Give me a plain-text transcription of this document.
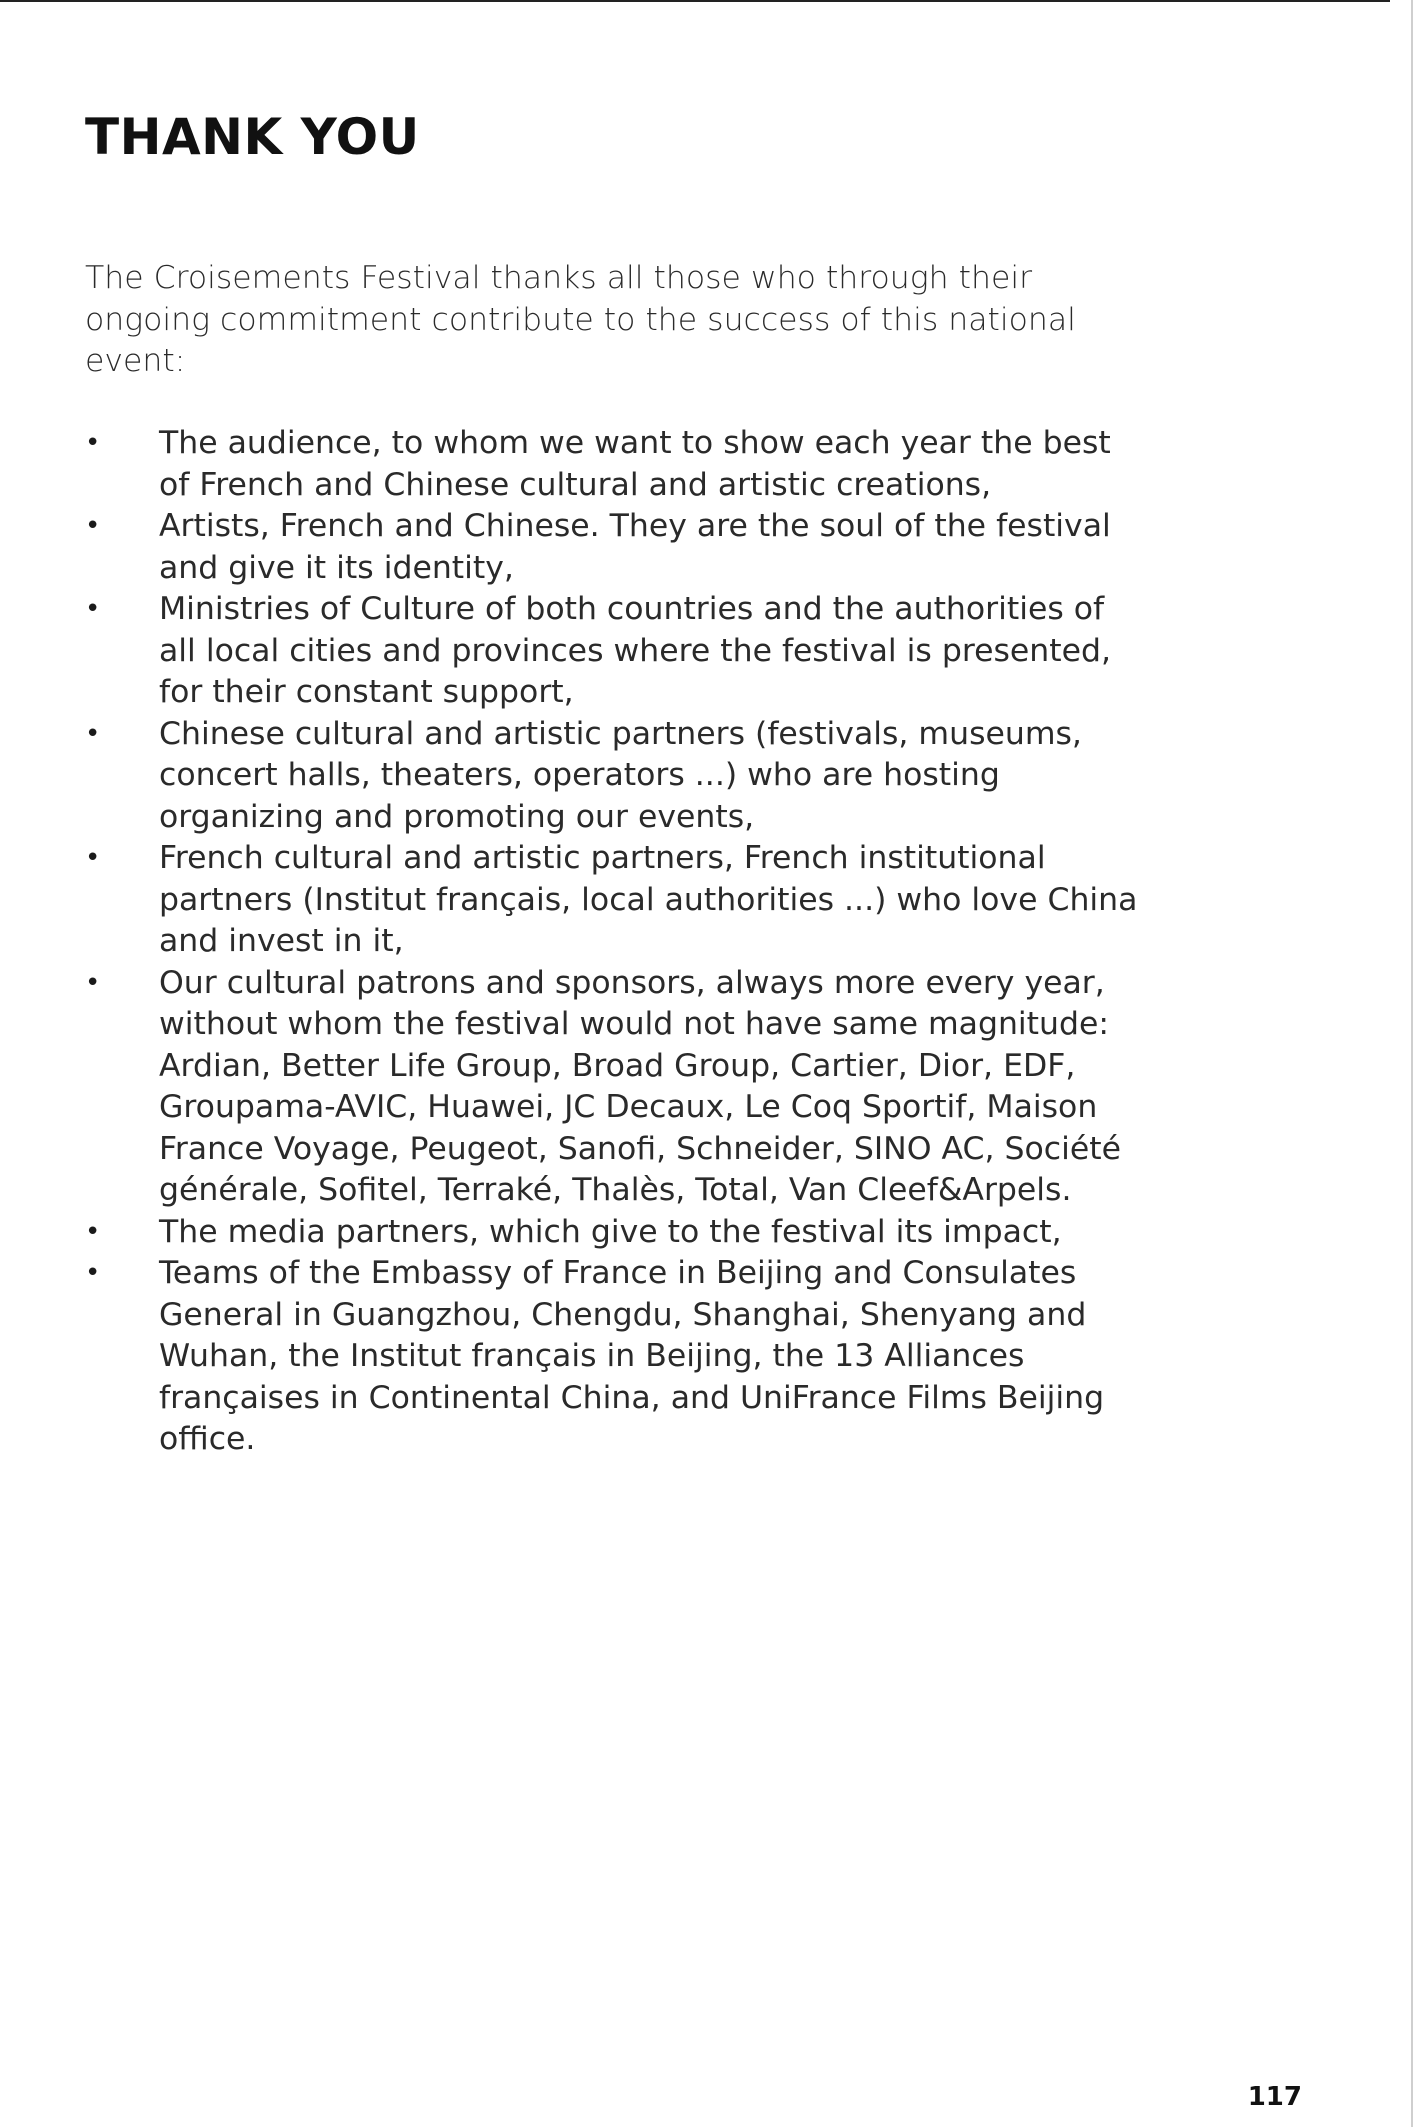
THANK YOU

The Croisements Festival thanks all those who through their ongoing commitment contribute to the success of this national event:

•	The audience, to whom we want to show each year the best of French and Chinese cultural and artistic creations,
•	Artists, French and Chinese. They are the soul of the festival and give it its identity,
•	Ministries of Culture of both countries and the authorities of all local cities and provinces where the festival is presented, for their constant support,
•	Chinese cultural and artistic partners (festivals, museums, concert halls, theaters, operators ...) who are hosting organizing and promoting our events,
•	French cultural and artistic partners, French institutional partners (Institut français, local authorities ...) who love China and invest in it,
•	Our cultural patrons and sponsors, always more every year, without whom the festival would not have same magnitude: Ardian, Better Life Group, Broad Group, Cartier, Dior, EDF, Groupama-AVIC, Huawei, JC Decaux, Le Coq Sportif, Maison France Voyage, Peugeot, Sanofi, Schneider, SINO AC, Société générale, Sofitel, Terraké, Thalès, Total, Van Cleef&Arpels.
•	The media partners, which give to the festival its impact,
•	Teams of the Embassy of France in Beijing and Consulates General in Guangzhou, Chengdu, Shanghai, Shenyang and Wuhan, the Institut français in Beijing, the 13 Alliances françaises in Continental China, and UniFrance Films Beijing office.

117
